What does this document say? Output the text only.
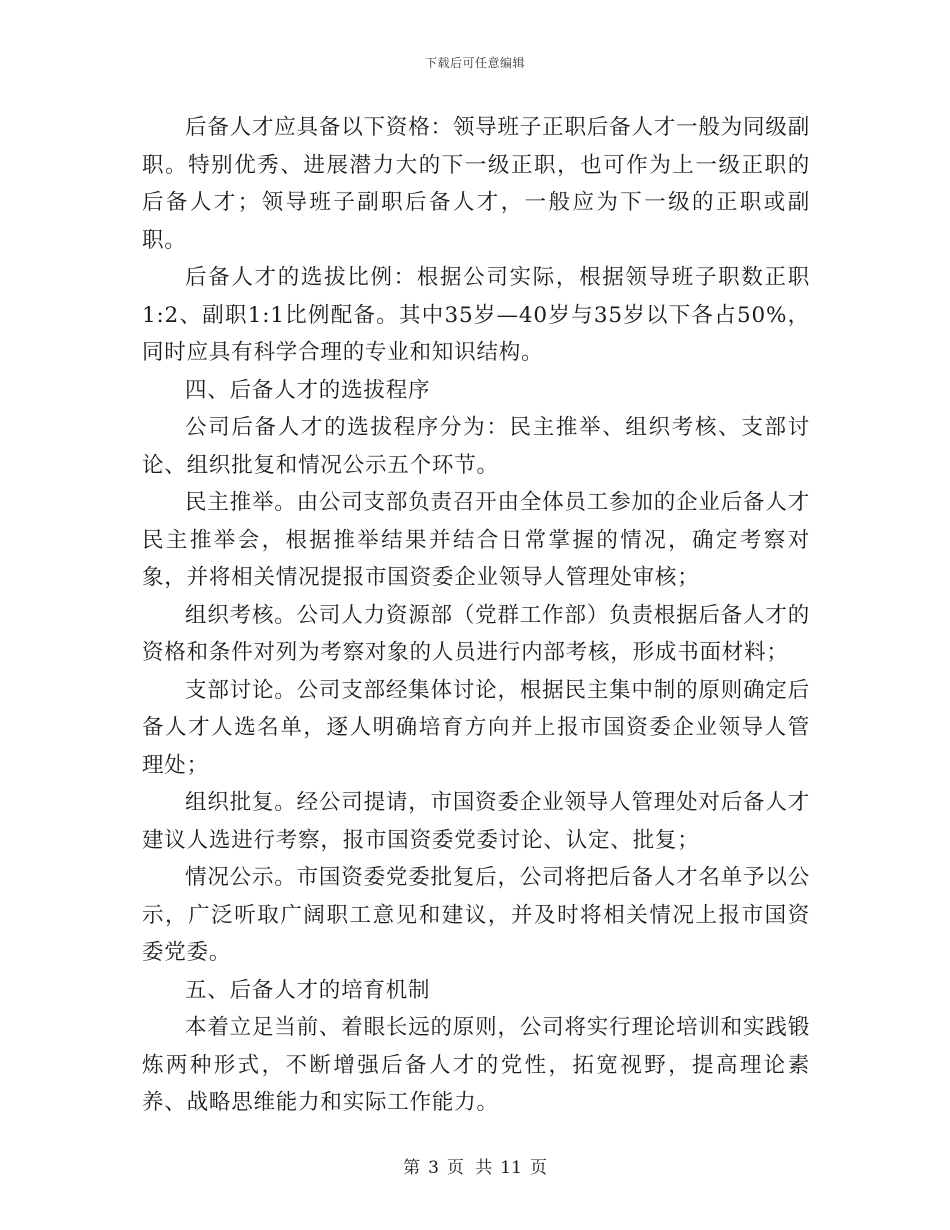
下载后可任意编辑

后备人才应具备以下资格：领导班子正职后备人才一般为同级副职。特别优秀、进展潜力大的下一级正职，也可作为上一级正职的后备人才；领导班子副职后备人才，一般应为下一级的正职或副职。

后备人才的选拔比例：根据公司实际，根据领导班子职数正职1:2、副职1:1比例配备。其中35岁—40岁与35岁以下各占50%，同时应具有科学合理的专业和知识结构。

四、后备人才的选拔程序

公司后备人才的选拔程序分为：民主推举、组织考核、支部讨论、组织批复和情况公示五个环节。

民主推举。由公司支部负责召开由全体员工参加的企业后备人才民主推举会，根据推举结果并结合日常掌握的情况，确定考察对象，并将相关情况提报市国资委企业领导人管理处审核；

组织考核。公司人力资源部（党群工作部）负责根据后备人才的资格和条件对列为考察对象的人员进行内部考核，形成书面材料；

支部讨论。公司支部经集体讨论，根据民主集中制的原则确定后备人才人选名单，逐人明确培育方向并上报市国资委企业领导人管理处；

组织批复。经公司提请，市国资委企业领导人管理处对后备人才建议人选进行考察，报市国资委党委讨论、认定、批复；

情况公示。市国资委党委批复后，公司将把后备人才名单予以公示，广泛听取广阔职工意见和建议，并及时将相关情况上报市国资委党委。

五、后备人才的培育机制

本着立足当前、着眼长远的原则，公司将实行理论培训和实践锻炼两种形式，不断增强后备人才的党性，拓宽视野，提高理论素养、战略思维能力和实际工作能力。

第 3 页 共 11 页
